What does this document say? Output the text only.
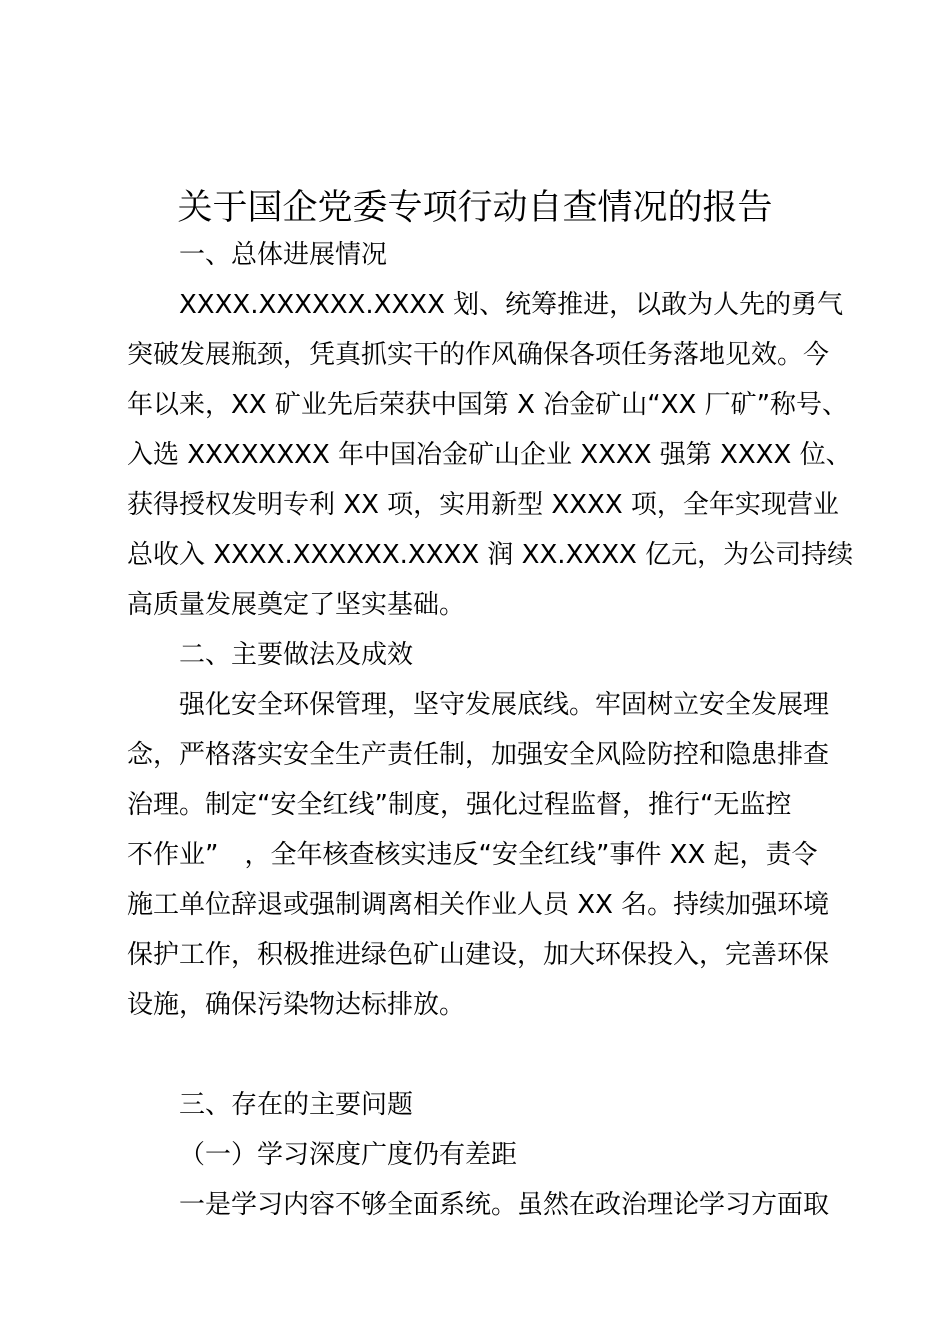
关于国企党委专项行动自查情况的报告
一、总体进展情况
XXXX.XXXXXX.XXXX 划、统筹推进，以敢为人先的勇气
突破发展瓶颈，凭真抓实干的作风确保各项任务落地见效。今
年以来，XX 矿业先后荣获中国第 X 冶金矿山“XX 厂矿”称号、
入选 XXXXXXXX 年中国冶金矿山企业 XXXX 强第 XXXX 位、
获得授权发明专利 XX 项，实用新型 XXXX 项，全年实现营业
总收入 XXXX.XXXXXX.XXXX 润 XX.XXXX 亿元，为公司持续
高质量发展奠定了坚实基础。
二、主要做法及成效
强化安全环保管理，坚守发展底线。牢固树立安全发展理
念，严格落实安全生产责任制，加强安全风险防控和隐患排查
治理。制定“安全红线”制度，强化过程监督，推行“无监控
不作业”　，全年核查核实违反“安全红线”事件 XX 起，责令
施工单位辞退或强制调离相关作业人员 XX 名。持续加强环境
保护工作，积极推进绿色矿山建设，加大环保投入，完善环保
设施，确保污染物达标排放。
三、存在的主要问题
（一）学习深度广度仍有差距
一是学习内容不够全面系统。虽然在政治理论学习方面取
